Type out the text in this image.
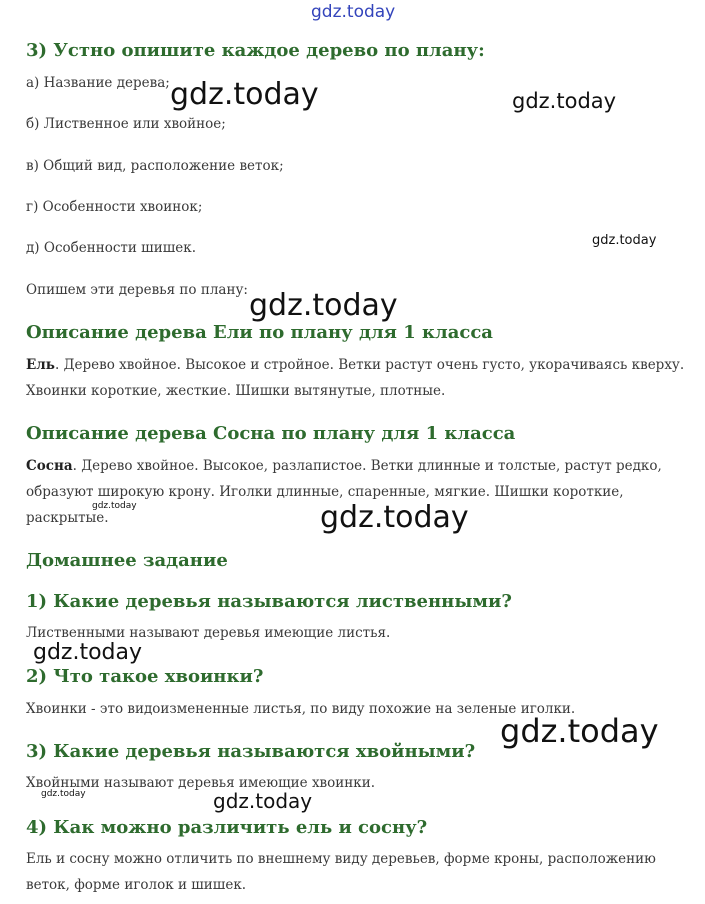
gdz.today
gdz.today	gdz.today
gdz.today
gdz.today
gdz.today	gdz.today
gdz.today
gdz.today
gdz.today	gdz.today
3) Устно опишите каждое дерево по плану:

а) Название дерева;

б) Лиственное или хвойное;

в) Общий вид, расположение веток;

г) Особенности хвоинок;

д) Особенности шишек.

Опишем эти деревья по плану:

Описание дерева Ели по плану для 1 класса

Ель. Дерево хвойное. Высокое и стройное. Ветки растут очень густо, укорачиваясь кверху. Хвоинки короткие, жесткие. Шишки вытянутые, плотные.

Описание дерева Сосна по плану для 1 класса

Сосна. Дерево хвойное. Высокое, разлапистое. Ветки длинные и толстые, растут редко, образуют широкую крону. Иголки длинные, спаренные, мягкие. Шишки короткие, раскрытые.

Домашнее задание
1) Какие деревья называются лиственными?

Лиственными называют деревья имеющие листья.

2) Что такое хвоинки?

Хвоинки - это видоизмененные листья, по виду похожие на зеленые иголки.

3) Какие деревья называются хвойными?

Хвойными называют деревья имеющие хвоинки.

4) Как можно различить ель и сосну?

Ель и сосну можно отличить по внешнему виду деревьев, форме кроны, расположению веток, форме иголок и шишек.
